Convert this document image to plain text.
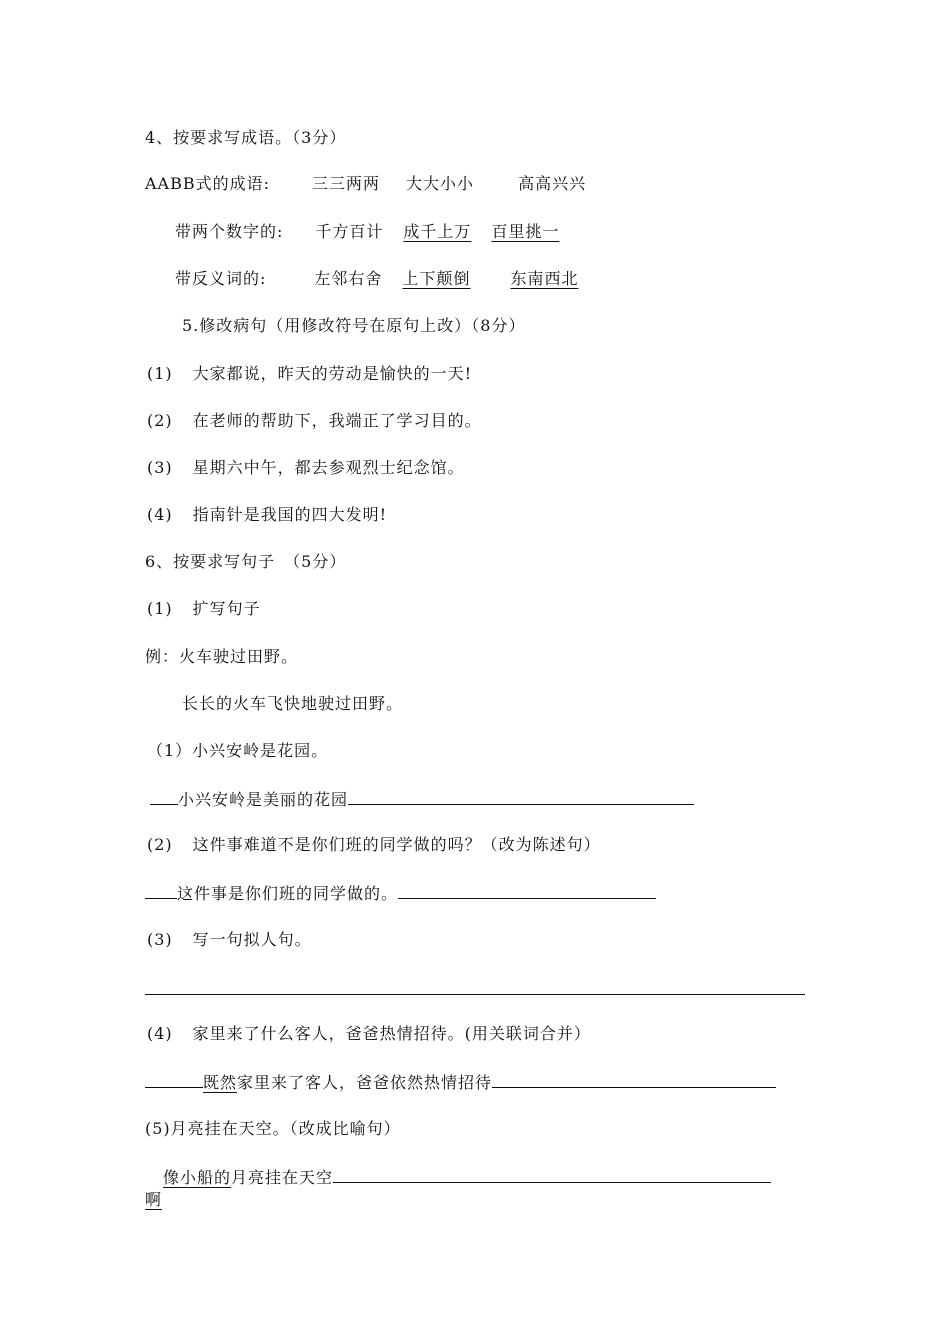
4、按要求写成语。（3分）
AABB式的成语:	三三两两 大大小小	高高兴兴
带两个数字的: 千方百计 成千上万 百里挑一
带反义词的:	左邻右舍 上下颠倒	东南西北
5.修改病句（用修改符号在原句上改）（8分）
(1) 大家都说，昨天的劳动是愉快的一天!
(2) 在老师的帮助下，我端正了学习目的。
(3) 星期六中午，都去参观烈士纪念馆。
(4) 指南针是我国的四大发明!
6、按要求写句子　（5分）
(1) 扩写句子
例：火车驶过田野。
长长的火车飞快地驶过田野。
（1）小兴安岭是花园。
小兴安岭是美丽的花园
(2) 这件事难道不是你们班的同学做的吗？（改为陈述句）
这件事是你们班的同学做的。
(3) 写一句拟人句。
(4) 家里来了什么客人，爸爸热情招待。(用关联词合并）
既然家里来了客人，爸爸依然热情招待
(5)月亮挂在天空。（改成比喻句）
像小船的月亮挂在天空
啊
